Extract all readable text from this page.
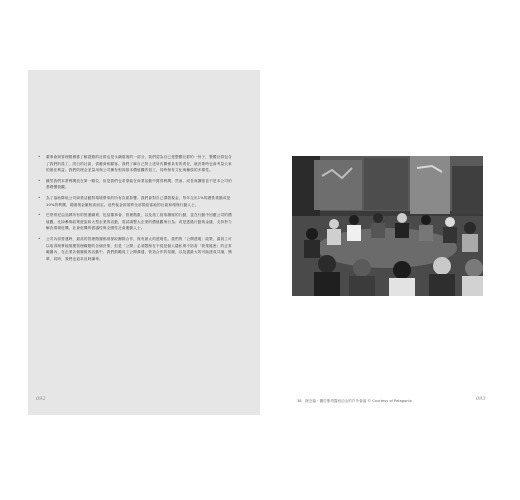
• 董事會與管理階層都了解證據的社群也是永續環境的一部分，我們認為自己是整體社群的一份子，整體社群包含了我們的員工、因白的社區，供應商和顧客。我們了解自己對上述所有關係負有的責任，就決策時也會考量大家的最佳利益。我們的理念並量用與公司擁有相同基本價值觀的員工，同時保有文化與種族的多樣性。
• 雖然我們本將利潤放在第一順位，但是我們也希望能在商業活動中獲得利潤。然而，成長與擴張並不是本公司的基礎價值觀。
• 為了協助降低公司商業活動對環境帶來的所有負面影響，我們會對自己課徵稅金，每年交出1%的總營業額或是10%的利潤，視哪項金額較高而定。這些稅金款項將全部捐給當地的社區和環保行動人士。
• 巴塔哥尼亞品牌所有的營運職責，包括董事會、管理階級，以及員工採取積極的行動，並在行動中回應公司的價值觀，比如參與政策遊說和大型企業的活動，嘗試調整大企業的價值觀與行為；或是透過行動與金錢，支持努力解決環境危機，社會危機的倡議性與全國性社會運動人士。
• 公司內部營運時，最高的管理階層都被採取團隊合作，保有最大的透明性。我們的「公開透明」政策，讓員工可以取得與實地規模管理職階的各個決策，但是「公開」必須限制在不侵犯個人隱私與不妨害「營業秘密」的正常範圍內，在企業各個層級的活動中，我們鼓勵員工公開溝通，營造合作的氛圍，以及盡最大的可能達成共識，簡單，同時，我們也追求及時謙卑。
092	38　理念篇・攝於聖塔露西亞山的戶外會議 © Courtesy of Patagonia	093
